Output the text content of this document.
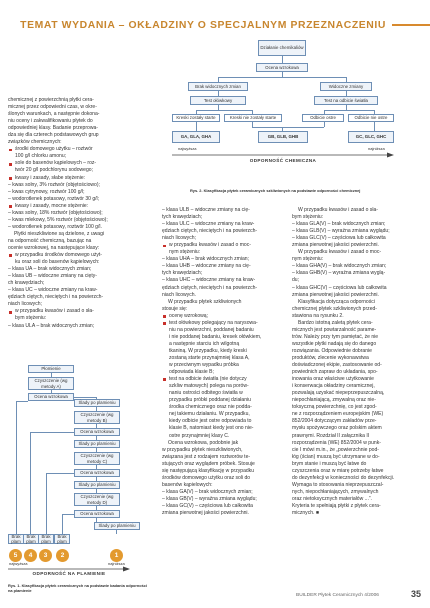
TEMAT WYDANIA – OKŁADZINY O SPECJALNYM PRZEZNACZENIU

chemicznej z powierzchnią płytki cera-

micznej przez odpowiedni czas, w okre-

ślonych warunkach, a następnie dokona-

niu oceny i zakwalifikowaniu płytek do

odpowiedniej klasy. Badanie przeprowa-

dza się dla czterech podstawowych grup

związków chemicznych:

środki domowego użytku – roztwór

100 g/l chlorku amonu;

sole do basenów kąpielowych – roz-

twór 20 g/l podchlorynu sodowego;

kwasy i zasady, słabe stężenie:

– kwas solny, 3% roztwór (objętościowo);

– kwas cytrynowy, roztwór 100 g/l;

– wodorotlenek potasowy, roztwór 30 g/l;

kwasy i zasady, mocne stężenie:

– kwas solny, 18% roztwór (objętościowo);

– kwas mlekowy, 5% roztwór (objętościowo);

– wodorotlenek potasowy, roztwór 100 g/l.

Płytki nieszkliwione są dzielone, z uwagi

na odporność chemiczną, bazując na

ocenie wzrokowej, na następujące klasy:

w przypadku środków domowego użyt-

ku oraz soli do basenów kąpielowych:

– klasa UA – brak widocznych zmian;

– klasa UB – widoczne zmiany na cięty-

ch krawędziach;

– klasa UC – widoczne zmiany na kraw-

ędziach ciętych, nieciętych i na powierzch-

niach licowych;

w przypadku kwasów i zasad o sła-

bym stężeniu:

– klasa ULA – brak widocznych zmian;

– klasa ULB – widoczne zmiany na cię-

tych krawędziach;

– klasa ULC – widoczne zmiany na kraw-

ędziach ciętych, nieciętych i na powierzch-

niach licowych;

w przypadku kwasów i zasad o moc-

nym stężeniu:

– klasa UHA – brak widocznych zmian;

– klasa UHB – widoczne zmiany na cię-

tych krawędziach;

– klasa UHC – widoczne zmiany na kraw-

ędziach ciętych, nieciętych i na powierzch-

niach licowych.

W przypadku płytek szkliwionych

stosuje się:

ocenę wzrokową;

test ołówkowy polegający na narysowa-

niu na powierzchni, poddanej badaniu

i nie poddanej badaniu, kresek ołówkiem,

a następnie starciu ich wilgotną

tkaniną. W przypadku, kiedy kreski

zostaną starte przynajmniej klasa A,

w przeciwnym wypadku próbka

odpowiada klasie B;

test na odbicie światła (nie dotyczy

szkliw matowych) polega na porów-

naniu ostrości odbitego światła w

przypadku próbki poddanej działaniu

środka chemicznego oraz nie podda-

nej takiemu działaniu. W przypadku,

kiedy odbicie jest ostre odpowiada to

klasie B, natomiast kiedy jest ono nie-

ostre przynajmniej klasy C.

Ocena wzrokowa, podobnie jak

w przypadku płytek nieszkliwionych,

związana jest z rodzajem roztworów te-

stujących oraz wyglądem próbek. Stosuje

się następującą klasyfikację w przypadku

środków domowego użytku oraz soli do

basenów kąpielowych:

– klasa GA(V) – brak widocznych zmian;

– klasa GB(V) – wyraźna zmiana wyglądu;

– klasa GC(V) – częściowa lub całkowita

zmiana pierwotnej jakości powierzchni.

W przypadku kwasów i zasad o sła-

bym stężeniu:

– klasa GLA(V) – brak widocznych zmian;

– klasa GLB(V) – wyraźna zmiana wyglądu;

– klasa GLC(V) – częściowa lub całkowita

zmiana pierwotnej jakości powierzchni.

W przypadku kwasów i zasad o moc-

nym stężeniu:

– klasa GHA(V) – brak widocznych zmian;

– klasa GHB(V) – wyraźna zmiana wyglą-

du;

– klasa GHC(V) – częściowa lub całkowita

zmiana pierwotnej jakości powierzchni.

Klasyfikacja dotycząca odporności

chemicznej płytek szkliwionych przed-

stawiona na rysunku 2.

Bardzo istotną zaletą płytek cera-

micznych jest powtarzalność parame-

trów. Należy przy tym pamiętać, że nie

wszystkie płytki nadają się do danego

rozwiązania. Odpowiednie dobranie

produktów, zlecenie wykonawstwa

doświadczonej ekipie, zastosowanie od-

powiednich zapraw do układania, spo-

inowania oraz właściwe użytkowanie

i konserwacja okładziny ceramicznej,

pozwalają uzyskać niepeprzepuszczalną,

niepochłaniającą, zmywalną oraz nie-

toksyczną powierzchnię, co jest zgod-

ne z rozporządzeniem europejskim (WE)

852/2004 dotyczącym zakładów prze-

mysłu spożywczego oraz polskim aktem

prawnymi. Rozdział II załącznika II

rozporządzenia (WE) 852/2004 w punk-

cie I mówi m.in., że „powierzchnie pod-

łóg (ścian) muszą być utrzymane w do-

brym stanie i muszą być łatwe do

czyszczenia oraz w miarę potrzeby łatwe

do dezynfekcji w konieczności do dezynfekcji.

Wymaga to stosowania nieprzepuszczal-

nych, niepochłaniających, zmywalnych

oraz nietoksycznych materiałów ...”.

Kryteria te spełniają płytki z płytek cera-

micznych. ■

Działanie chemikaliów
Ocena wzrokowa
Brak widocznych zmian	Widoczne zmiany
Test ołówkowy	Test na odbicie światła
Kreski zostały starte	Kreski nie zostały starte	Odbicie ostre	Odbicie nie ostre
GA, GLA, GHA	GB, GLB, GHB	GC, GLC, GHC
najwyższa	najniższa
ODPORNOŚĆ CHEMICZNA
Rys. 2. Klasyfikacja płytek ceramicznych szkliwionych na podstawie odporności chemicznej
Płomienie
Czyszczenie (wg metody A)
Ocena wzrokowa
Ślady po plamieniu
Czyszczenie (wg metody B)
Ocena wzrokowa
Ślady po plamieniu
Czyszczenie (wg metody C)
Ocena wzrokowa
Ślady po plamieniu
Czyszczenie (wg metody D)
Ocena wzrokowa
Ślady po plamieniu
Brak plam
Brak plam
Brak plam
Brak plam
5	4	3	2	1
najwyższa	najniższa
ODPORNOŚĆ NA PLAMIENIE
Rys. 1. Klasyfikacja płytek ceramicznych na podstawie badania odporności na plamienie
BUILDER Płytek Ceramicznych 4/2006	35
